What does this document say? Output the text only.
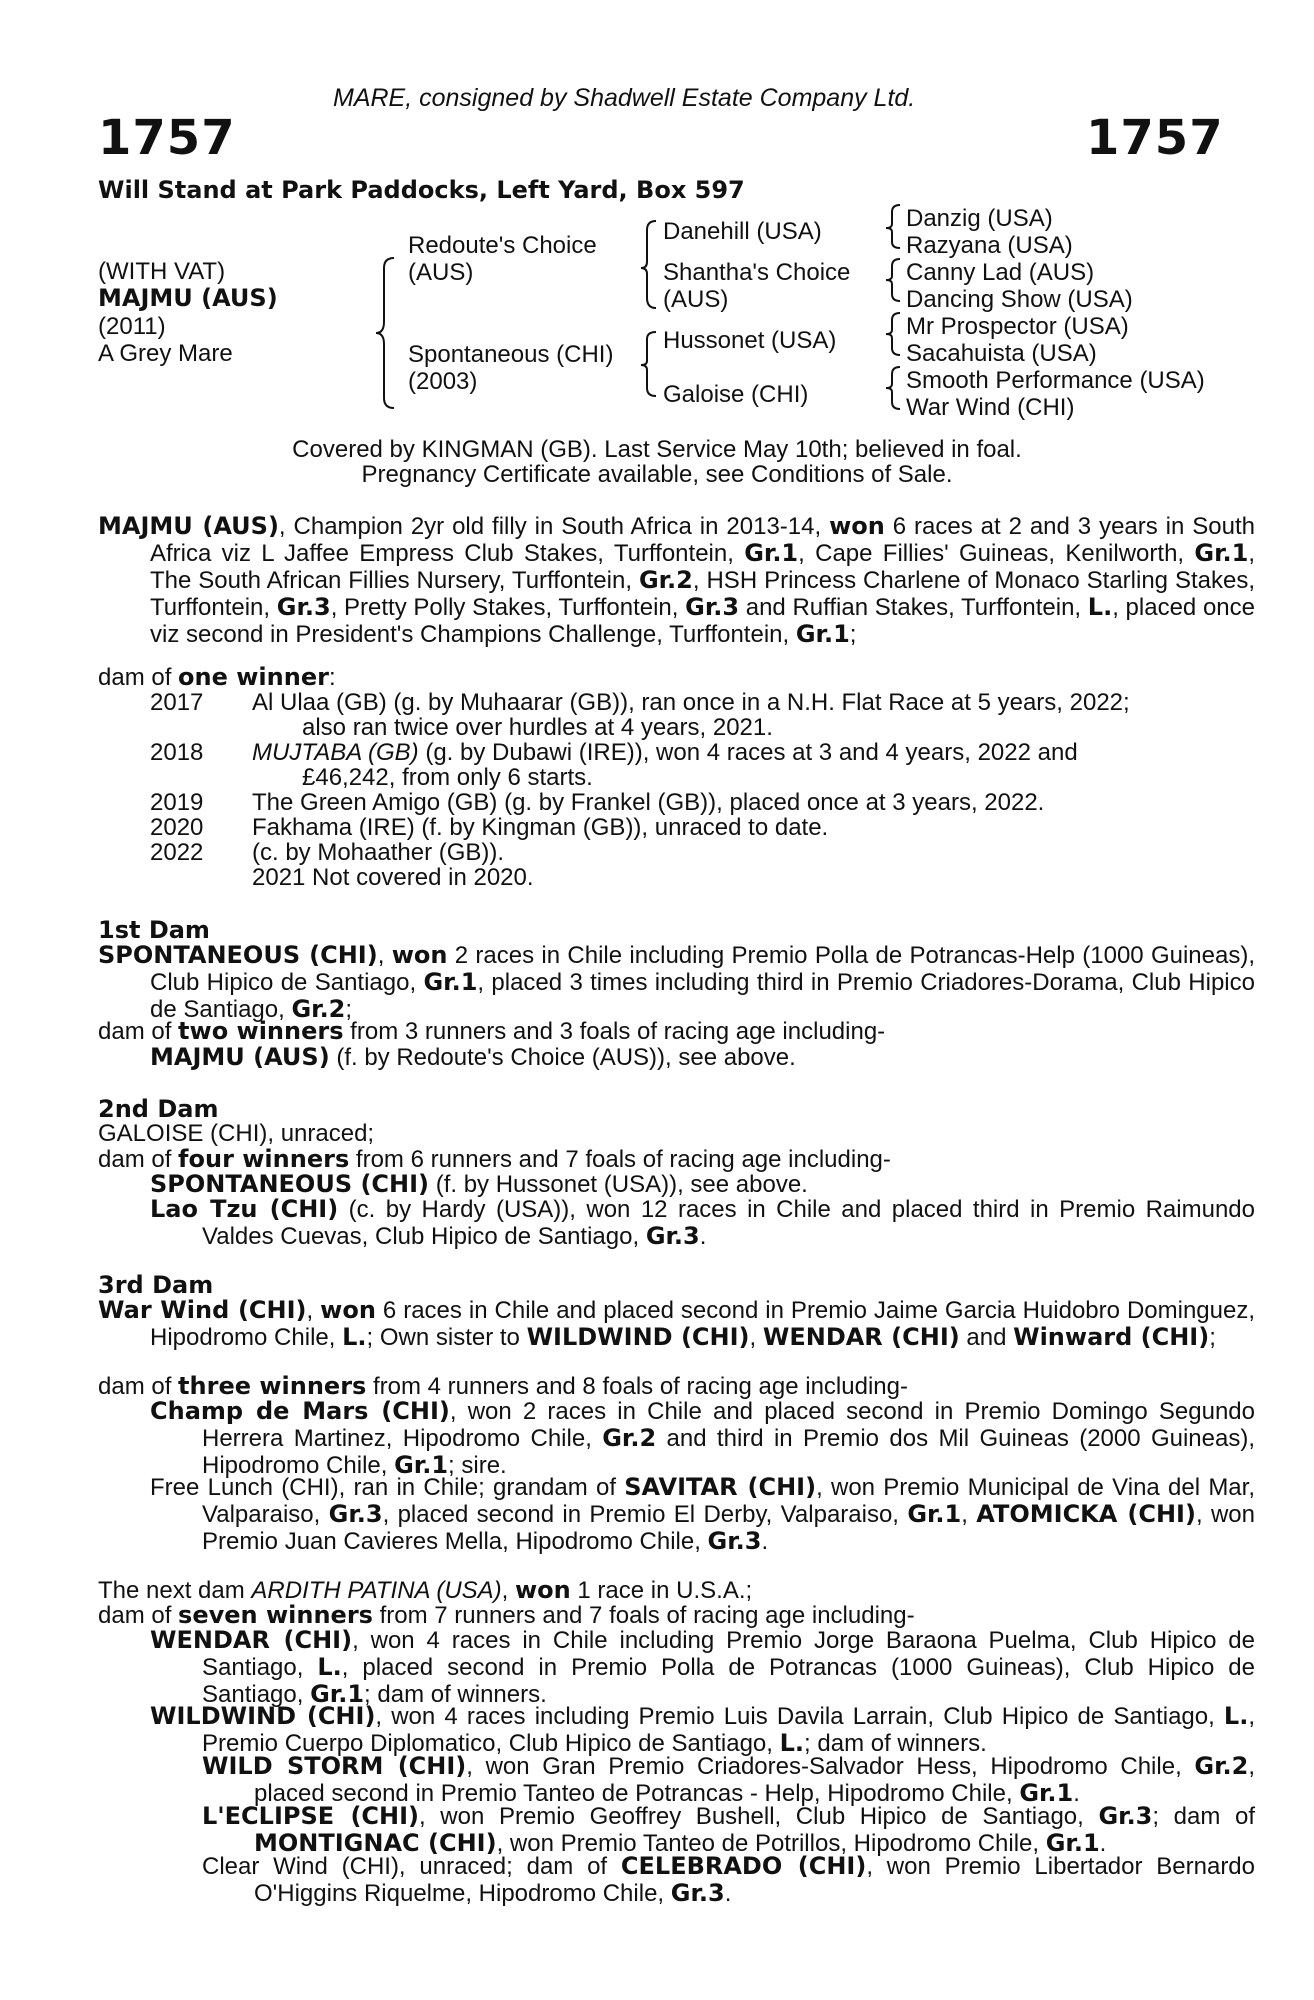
MARE, consigned by Shadwell Estate Company Ltd.
1757	1757
Will Stand at Park Paddocks, Left Yard, Box 597
(WITH VAT)
MAJMU (AUS)
(2011)
A Grey Mare
Redoute's Choice
(AUS)
Spontaneous (CHI)
(2003)
Danehill (USA)
Shantha's Choice
(AUS)
Hussonet (USA)
Galoise (CHI)
Danzig (USA)
Razyana (USA)
Canny Lad (AUS)
Dancing Show (USA)
Mr Prospector (USA)
Sacahuista (USA)
Smooth Performance (USA)
War Wind (CHI)
Covered by KINGMAN (GB). Last Service May 10th; believed in foal.
Pregnancy Certificate available, see Conditions of Sale.
MAJMU (AUS), Champion 2yr old filly in South Africa in 2013-14, won 6 races at 2 and 3 years in South Africa viz L Jaffee Empress Club Stakes, Turffontein, Gr.1, Cape Fillies' Guineas, Kenilworth, Gr.1, The South African Fillies Nursery, Turffontein, Gr.2, HSH Princess Charlene of Monaco Starling Stakes, Turffontein, Gr.3, Pretty Polly Stakes, Turffontein, Gr.3 and Ruffian Stakes, Turffontein, L., placed once viz second in President's Champions Challenge, Turffontein, Gr.1;
dam of one winner:
2017 Al Ulaa (GB) (g. by Muhaarar (GB)), ran once in a N.H. Flat Race at 5 years, 2022;
also ran twice over hurdles at 4 years, 2021.
2018 MUJTABA (GB) (g. by Dubawi (IRE)), won 4 races at 3 and 4 years, 2022 and
£46,242, from only 6 starts.
2019 The Green Amigo (GB) (g. by Frankel (GB)), placed once at 3 years, 2022.
2020 Fakhama (IRE) (f. by Kingman (GB)), unraced to date.
2022 (c. by Mohaather (GB)).
2021 Not covered in 2020.
1st Dam
SPONTANEOUS (CHI), won 2 races in Chile including Premio Polla de Potrancas-Help (1000 Guineas), Club Hipico de Santiago, Gr.1, placed 3 times including third in Premio Criadores-Dorama, Club Hipico de Santiago, Gr.2;
dam of two winners from 3 runners and 3 foals of racing age including-
MAJMU (AUS) (f. by Redoute's Choice (AUS)), see above.
2nd Dam
GALOISE (CHI), unraced;
dam of four winners from 6 runners and 7 foals of racing age including-
SPONTANEOUS (CHI) (f. by Hussonet (USA)), see above.
Lao Tzu (CHI) (c. by Hardy (USA)), won 12 races in Chile and placed third in Premio Raimundo Valdes Cuevas, Club Hipico de Santiago, Gr.3.
3rd Dam
War Wind (CHI), won 6 races in Chile and placed second in Premio Jaime Garcia Huidobro Dominguez, Hipodromo Chile, L.; Own sister to WILDWIND (CHI), WENDAR (CHI) and Winward (CHI);
dam of three winners from 4 runners and 8 foals of racing age including-
Champ de Mars (CHI), won 2 races in Chile and placed second in Premio Domingo Segundo Herrera Martinez, Hipodromo Chile, Gr.2 and third in Premio dos Mil Guineas (2000 Guineas), Hipodromo Chile, Gr.1; sire.
Free Lunch (CHI), ran in Chile; grandam of SAVITAR (CHI), won Premio Municipal de Vina del Mar, Valparaiso, Gr.3, placed second in Premio El Derby, Valparaiso, Gr.1, ATOMICKA (CHI), won Premio Juan Cavieres Mella, Hipodromo Chile, Gr.3.
The next dam ARDITH PATINA (USA), won 1 race in U.S.A.;
dam of seven winners from 7 runners and 7 foals of racing age including-
WENDAR (CHI), won 4 races in Chile including Premio Jorge Baraona Puelma, Club Hipico de Santiago, L., placed second in Premio Polla de Potrancas (1000 Guineas), Club Hipico de Santiago, Gr.1; dam of winners.
WILDWIND (CHI), won 4 races including Premio Luis Davila Larrain, Club Hipico de Santiago, L., Premio Cuerpo Diplomatico, Club Hipico de Santiago, L.; dam of winners.
WILD STORM (CHI), won Gran Premio Criadores-Salvador Hess, Hipodromo Chile, Gr.2, placed second in Premio Tanteo de Potrancas - Help, Hipodromo Chile, Gr.1.
L'ECLIPSE (CHI), won Premio Geoffrey Bushell, Club Hipico de Santiago, Gr.3; dam of MONTIGNAC (CHI), won Premio Tanteo de Potrillos, Hipodromo Chile, Gr.1.
Clear Wind (CHI), unraced; dam of CELEBRADO (CHI), won Premio Libertador Bernardo O'Higgins Riquelme, Hipodromo Chile, Gr.3.
